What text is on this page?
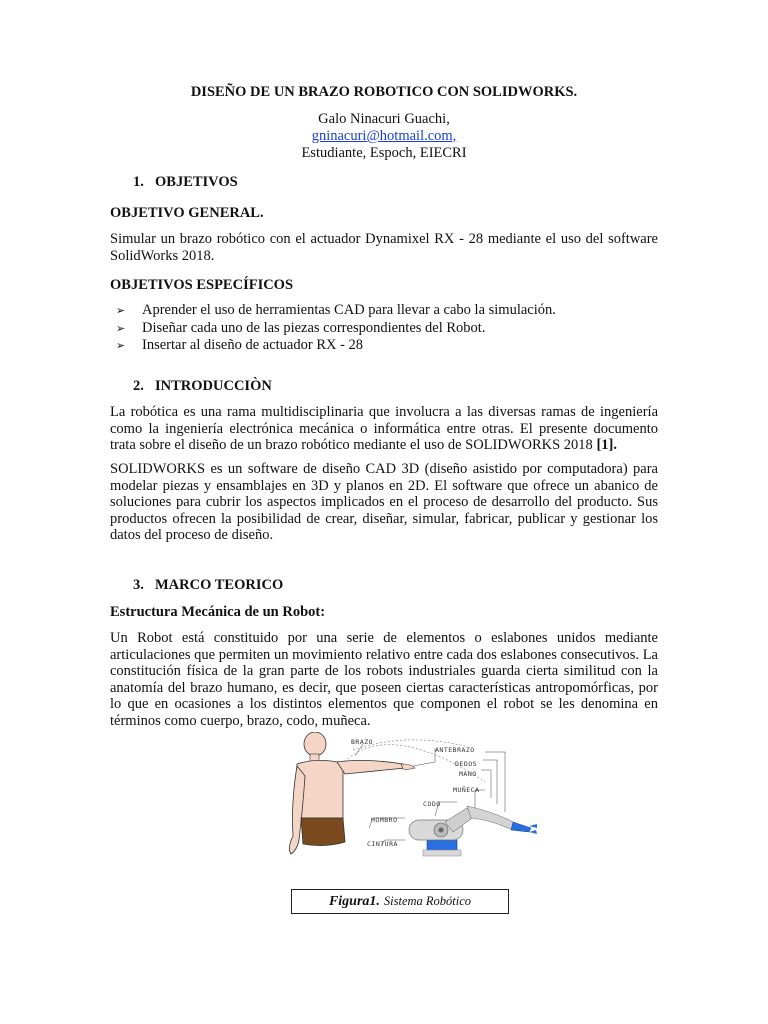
DISEÑO DE UN BRAZO ROBOTICO CON SOLIDWORKS.
Galo Ninacuri Guachi,
gninacuri@hotmail.com,
Estudiante, Espoch, EIECRI
1. OBJETIVOS
OBJETIVO GENERAL.
Simular un brazo robótico con el actuador Dynamixel RX - 28 mediante el uso del software SolidWorks 2018.
OBJETIVOS ESPECÍFICOS
➢	Aprender el uso de herramientas CAD para llevar a cabo la simulación.
➢	Diseñar cada uno de las piezas correspondientes del Robot.
➢	Insertar al diseño de actuador RX - 28
2. INTRODUCCIÒN
La robótica es una rama multidisciplinaria que involucra a las diversas ramas de ingeniería como la ingeniería electrónica mecánica o informática entre otras. El presente documento trata sobre el diseño de un brazo robótico mediante el uso de SOLIDWORKS 2018 [1].
SOLIDWORKS es un software de diseño CAD 3D (diseño asistido por computadora) para modelar piezas y ensamblajes en 3D y planos en 2D. El software que ofrece un abanico de soluciones para cubrir los aspectos implicados en el proceso de desarrollo del producto. Sus productos ofrecen la posibilidad de crear, diseñar, simular, fabricar, publicar y gestionar los datos del proceso de diseño.
3. MARCO TEORICO
Estructura Mecánica de un Robot:
Un Robot está constituido por una serie de elementos o eslabones unidos mediante articulaciones que permiten un movimiento relativo entre cada dos eslabones consecutivos. La constitución física de la gran parte de los robots industriales guarda cierta similitud con la anatomía del brazo humano, es decir, que poseen ciertas características antropomórficas, por lo que en ocasiones a los distintos elementos que componen el robot se les denomina en términos como cuerpo, brazo, codo, muñeca.
BRAZO
ANTEBRAZO
DEDOS
MANO
MUÑECA
CODO
HOMBRO
CINTURA
Figura1. Sistema Robótico
